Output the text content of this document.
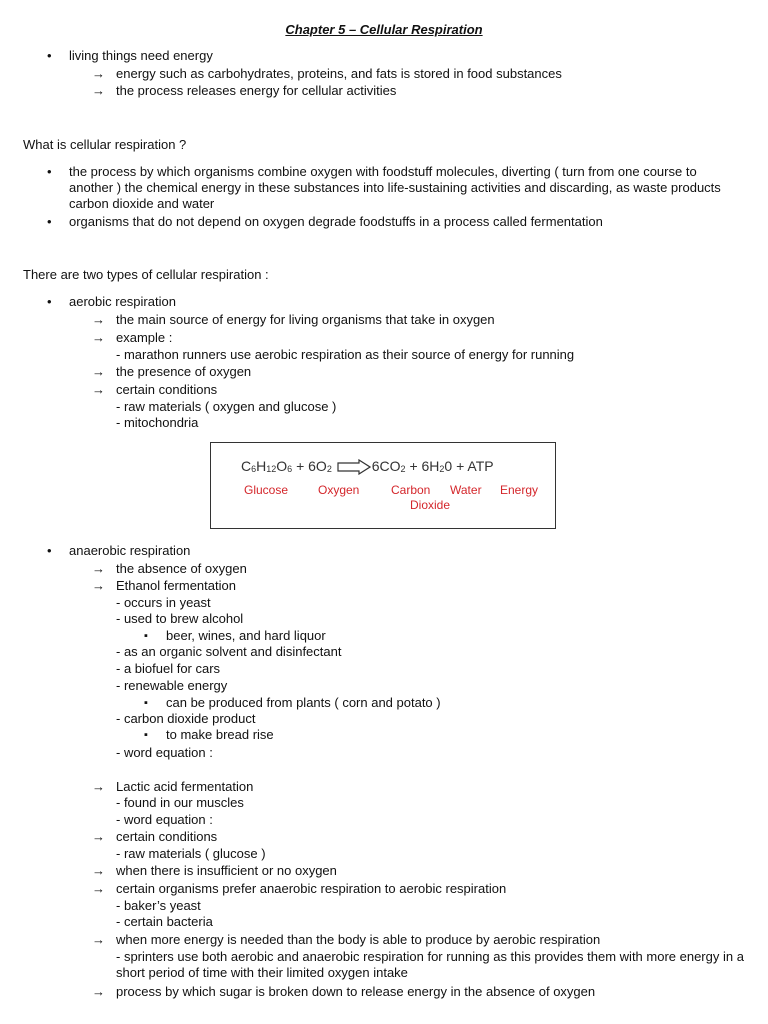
Chapter 5 – Cellular Respiration
• living things need energy
→ energy such as carbohydrates, proteins, and fats is stored in food substances
→ the process releases energy for cellular activities
What is cellular respiration ?
• the process by which organisms combine oxygen with foodstuff molecules, diverting ( turn from one course to another ) the chemical energy in these substances into life-sustaining activities and discarding, as waste products carbon dioxide and water
• organisms that do not depend on oxygen degrade foodstuffs in a process called fermentation
There are two types of cellular respiration :
• aerobic respiration
→ the main source of energy for living organisms that take in oxygen
→ example :
- marathon runners use aerobic respiration as their source of energy for running
→ the presence of oxygen
→ certain conditions
- raw materials ( oxygen and glucose )
- mitochondria
$C_6H_{12}O_6 + 6O_2$	$6CO_2 + 6H_20$ + ATP
Glucose Oxygen	Carbon
Dioxide
Water Energy
• anaerobic respiration
→ the absence of oxygen
→ Ethanol fermentation
- occurs in yeast
- used to brew alcohol
▪ beer, wines, and hard liquor
- as an organic solvent and disinfectant
- a biofuel for cars
- renewable energy
▪ can be produced from plants ( corn and potato )
- carbon dioxide product
▪ to make bread rise
- word equation :
→ Lactic acid fermentation
- found in our muscles
- word equation :
→ certain conditions
- raw materials ( glucose )
→ when there is insufficient or no oxygen
→ certain organisms prefer anaerobic respiration to aerobic respiration
- baker’s yeast
- certain bacteria
→ when more energy is needed than the body is able to produce by aerobic respiration
- sprinters use both aerobic and anaerobic respiration for running as this provides them with more energy in a short period of time with their limited oxygen intake
→ process by which sugar is broken down to release energy in the absence of oxygen
